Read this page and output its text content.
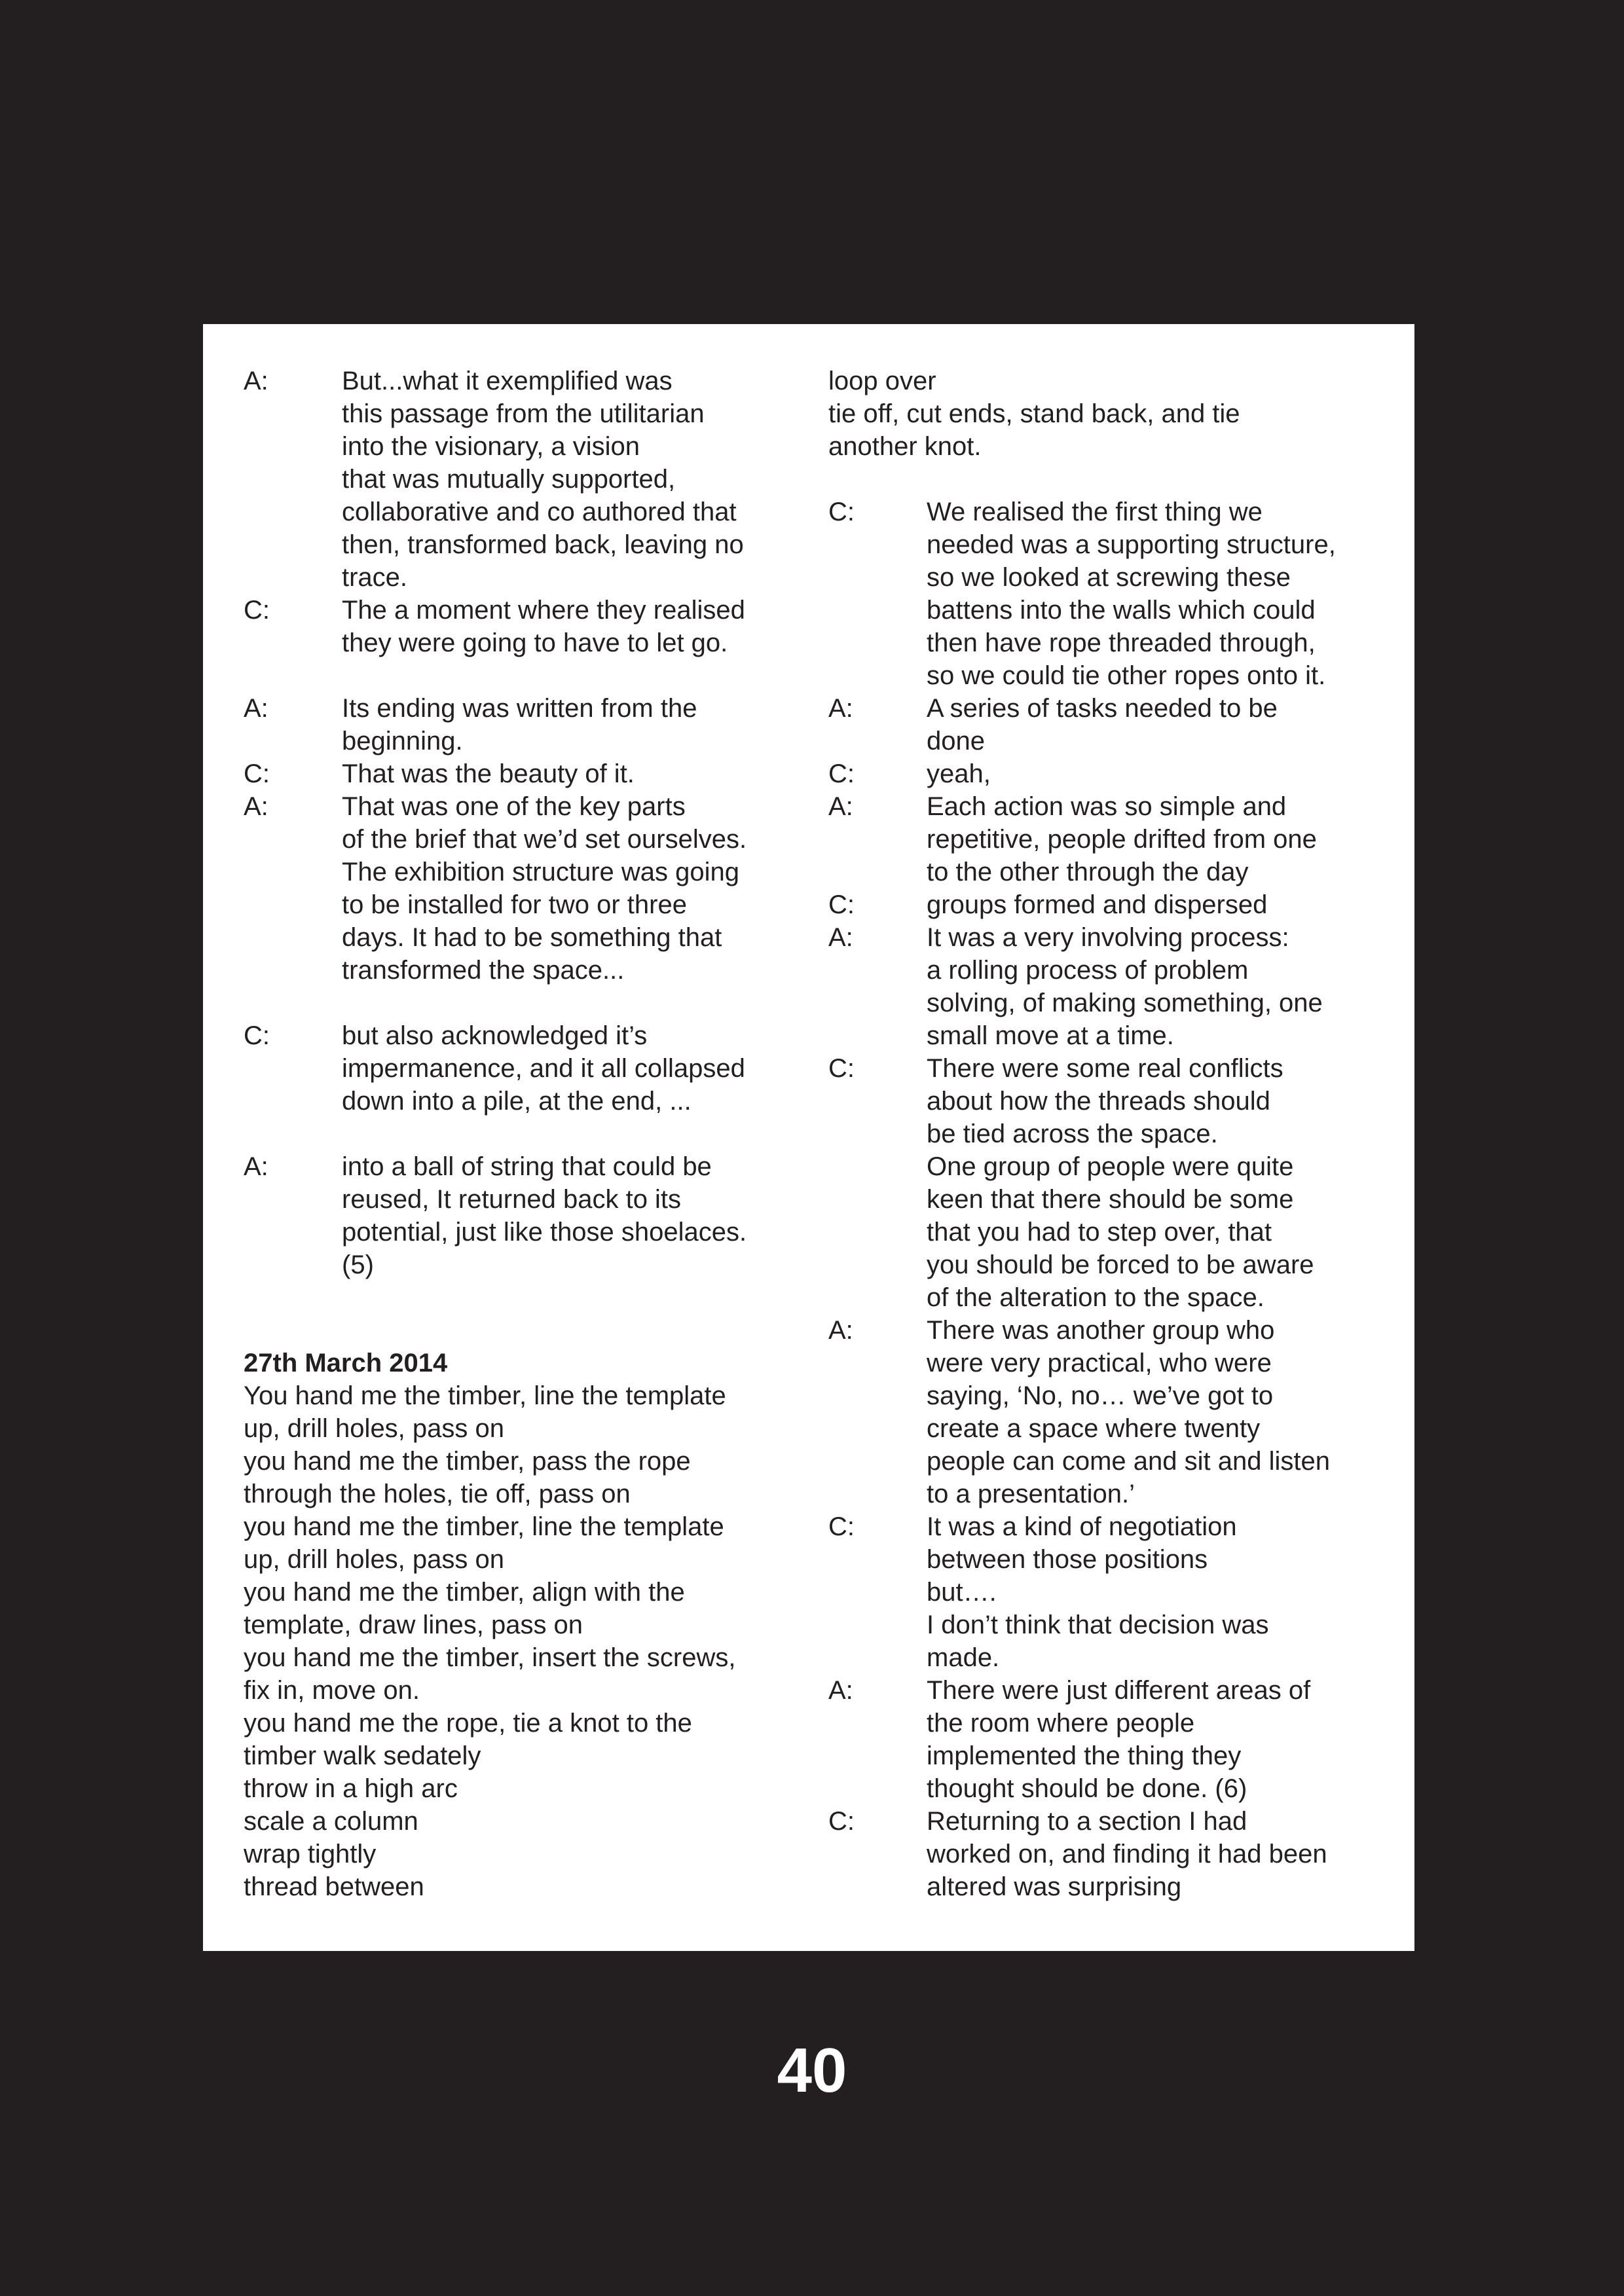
A:	But...what it exemplified was
this passage from the utilitarian
into the visionary, a vision
that was mutually supported,
collaborative and co authored that
then, transformed back, leaving no
trace.
C:	The a moment where they realised
they were going to have to let go.
A:	Its ending was written from the
beginning.
C:	That was the beauty of it.
A:	That was one of the key parts
of the brief that we’d set ourselves.
The exhibition structure was going
to be installed for two or three
days. It had to be something that
transformed the space...
C:	but also acknowledged it’s
impermanence, and it all collapsed
down into a pile, at the end, ...
A:	into a ball of string that could be
reused, It returned back to its
potential, just like those shoelaces.
(5)
27th March 2014
You hand me the timber, line the template
up, drill holes, pass on
you hand me the timber, pass the rope
through the holes, tie off, pass on
you hand me the timber, line the template
up, drill holes, pass on
you hand me the timber, align with the
template, draw lines, pass on
you hand me the timber, insert the screws,
fix in, move on.
you hand me the rope, tie a knot to the
timber walk sedately
throw in a high arc
scale a column
wrap tightly
thread between
loop over
tie off, cut ends, stand back, and tie
another knot.
C:	We realised the first thing we
needed was a supporting structure,
so we looked at screwing these
battens into the walls which could
then have rope threaded through,
so we could tie other ropes onto it.
A:	A series of tasks needed to be
done
C:	yeah,
A:	Each action was so simple and
repetitive, people drifted from one
to the other through the day
C:	groups formed and dispersed
A:	It was a very involving process:
a rolling process of problem
solving, of making something, one
small move at a time.
C:	There were some real conflicts
about how the threads should
be tied across the space.
One group of people were quite
keen that there should be some
that you had to step over, that
you should be forced to be aware
of the alteration to the space.
A:	There was another group who
were very practical, who were
saying, ‘No, no… we’ve got to
create a space where twenty
people can come and sit and listen
to a presentation.’
C:	It was a kind of negotiation
between those positions
but….
I don’t think that decision was
made.
A:	There were just different areas of
the room where people
implemented the thing they
thought should be done. (6)
C:	Returning to a section I had
worked on, and finding it had been
altered was surprising
40
